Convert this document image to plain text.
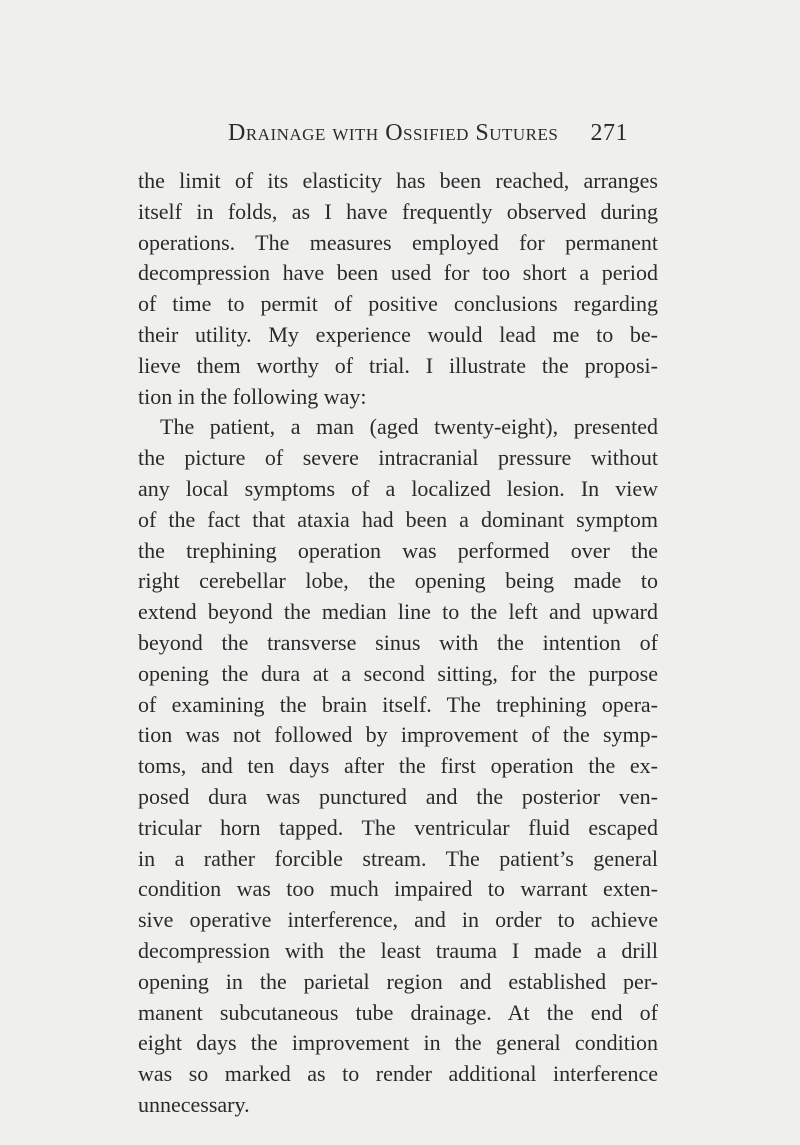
Drainage with Ossified Sutures 271
the limit of its elasticity has been reached, arranges
itself in folds, as I have frequently observed during
operations. The measures employed for permanent
decompression have been used for too short a period
of time to permit of positive conclusions regarding
their utility. My experience would lead me to be-
lieve them worthy of trial. I illustrate the proposi-
tion in the following way:
The patient, a man (aged twenty-eight), presented
the picture of severe intracranial pressure without
any local symptoms of a localized lesion. In view
of the fact that ataxia had been a dominant symptom
the trephining operation was performed over the
right cerebellar lobe, the opening being made to
extend beyond the median line to the left and upward
beyond the transverse sinus with the intention of
opening the dura at a second sitting, for the purpose
of examining the brain itself. The trephining opera-
tion was not followed by improvement of the symp-
toms, and ten days after the first operation the ex-
posed dura was punctured and the posterior ven-
tricular horn tapped. The ventricular fluid escaped
in a rather forcible stream. The patient’s general
condition was too much impaired to warrant exten-
sive operative interference, and in order to achieve
decompression with the least trauma I made a drill
opening in the parietal region and established per-
manent subcutaneous tube drainage. At the end of
eight days the improvement in the general condition
was so marked as to render additional interference
unnecessary.
